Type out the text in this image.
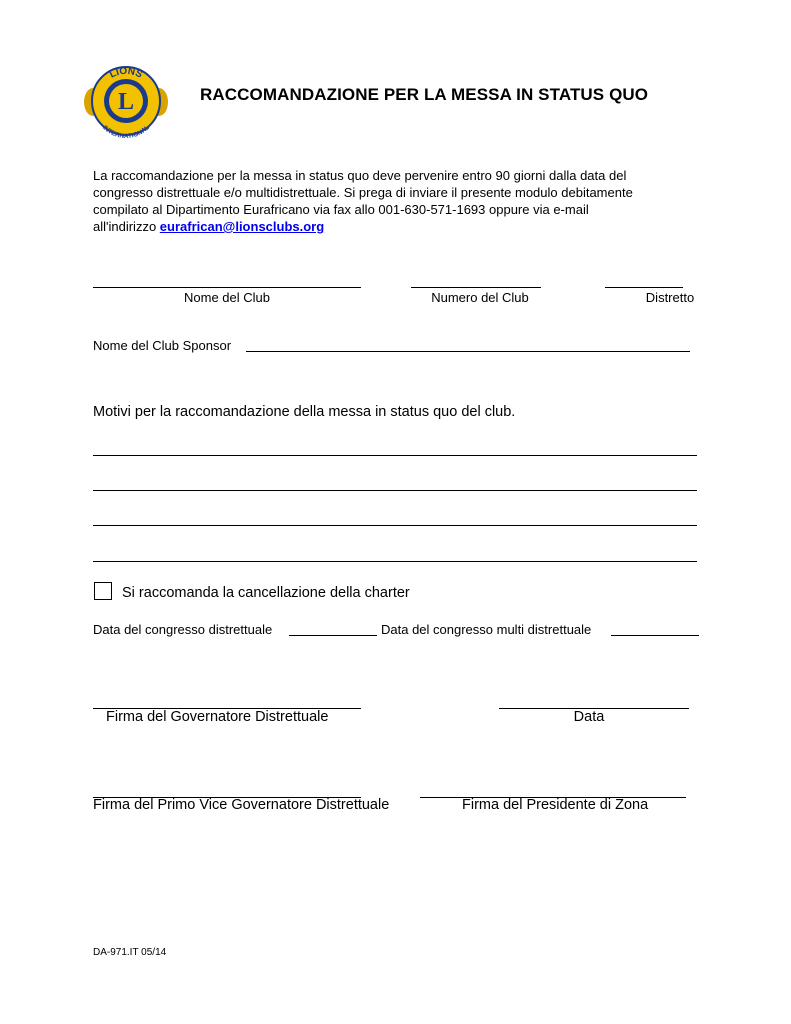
L
LIONS
INTERNATIONAL
RACCOMANDAZIONE PER LA MESSA IN STATUS QUO
La raccomandazione per la messa in status quo deve pervenire entro 90 giorni dalla data del
congresso distrettuale e/o multidistrettuale. Si prega di inviare il presente modulo debitamente
compilato al Dipartimento Eurafricano via fax allo 001-630-571-1693 oppure via e-mail
all'indirizzo eurafrican@lionsclubs.org
Nome del Club	Numero del Club	Distretto
Nome del Club Sponsor
Motivi per la raccomandazione della messa in status quo del club.
Si raccomanda la cancellazione della charter
Data del congresso distrettuale	Data del congresso multi distrettuale
Firma del Governatore Distrettuale	Data
Firma del Primo Vice Governatore Distrettuale	Firma del Presidente di Zona
DA-971.IT 05/14
